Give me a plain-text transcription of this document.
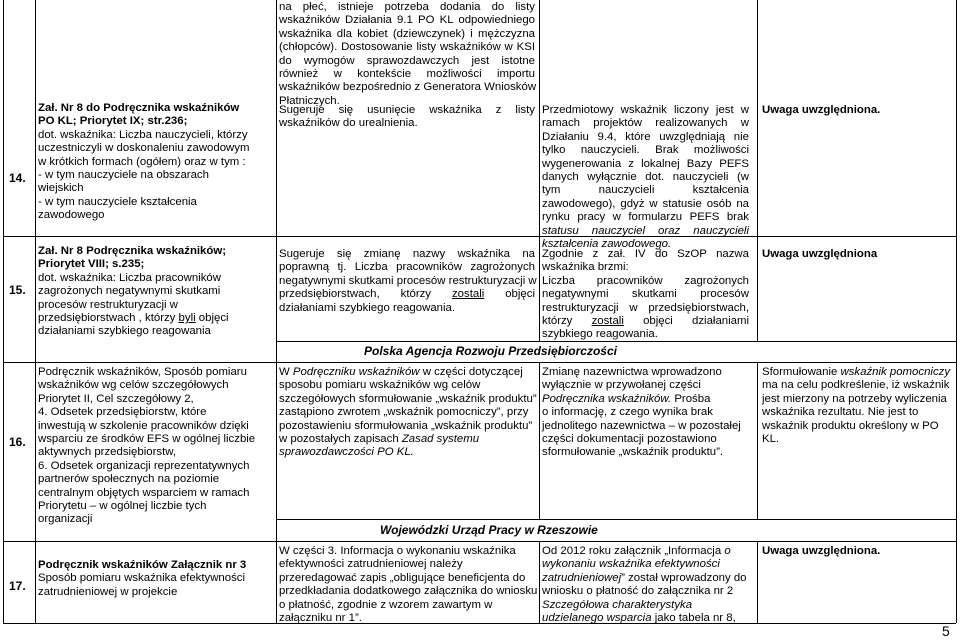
14.
Zał. Nr 8 do Podręcznika wskaźników
PO KL; Priorytet IX; str.236;
dot. wskaźnika: Liczba nauczycieli, którzy
uczestniczyli w doskonaleniu zawodowym
w krótkich formach (ogółem) oraz w tym :
- w tym nauczyciele na obszarach
wiejskich
- w tym nauczyciele kształcenia
zawodowego
na płeć, istnieje potrzeba dodania do listy
wskaźników Działania 9.1 PO KL odpowiedniego
wskaźnika dla kobiet (dziewczynek) i mężczyzna
(chłopców). Dostosowanie listy wskaźników w KSI
do wymogów sprawozdawczych jest istotne
również w kontekście możliwości importu
wskaźników bezpośrednio z Generatora Wniosków
Płatniczych.
Sugeruje się usunięcie wskaźnika z listy
wskaźników do urealnienia.
Przedmiotowy wskaźnik liczony jest w
ramach projektów realizowanych w
Działaniu 9.4, które uwzględniają nie
tylko nauczycieli. Brak możliwości
wygenerowania z lokalnej Bazy PEFS
danych wyłącznie dot. nauczycieli (w
tym nauczycieli kształcenia
zawodowego), gdyż w statusie osób na
rynku pracy w formularzu PEFS brak
statusu nauczyciel oraz nauczycieli
kształcenia zawodowego.
Uwaga uwzględniona.
15.
Zał. Nr 8 Podręcznika wskaźników;
Priorytet VIII; s.235;
dot. wskaźnika: Liczba pracowników
zagrożonych negatywnymi skutkami
procesów restrukturyzacji w
przedsiębiorstwach , którzy byli objęci
działaniami szybkiego reagowania
Sugeruje się zmianę nazwy wskaźnika na
poprawną tj. Liczba pracowników zagrożonych
negatywnymi skutkami procesów restrukturyzacji w
przedsiębiorstwach, którzy zostali objęci
działaniami szybkiego reagowania.
Zgodnie z zał. IV do SzOP nazwa
wskaźnika brzmi:
Liczba pracowników zagrożonych
negatywnymi skutkami procesów
restrukturyzacji w przedsiębiorstwach,
którzy zostali objęci działaniami
szybkiego reagowania.
Uwaga uwzględniona
Polska Agencja Rozwoju Przedsiębiorczości
16.
Podręcznik wskaźników, Sposób pomiaru
wskaźników wg celów szczegółowych
Priorytet II, Cel szczegółowy 2,
4. Odsetek przedsiębiorstw, które
inwestują w szkolenie pracowników dzięki
wsparciu ze środków EFS w ogólnej liczbie
aktywnych przedsiębiorstw,
6. Odsetek organizacji reprezentatywnych
partnerów społecznych na poziomie
centralnym objętych wsparciem w ramach
Priorytetu – w ogólnej liczbie tych
organizacji
W Podręczniku wskaźników w części dotyczącej
sposobu pomiaru wskaźników wg celów
szczegółowych sformułowanie „wskaźnik produktu”
zastąpiono zwrotem „wskaźnik pomocniczy”, przy
pozostawieniu sformułowania „wskaźnik produktu”
w pozostałych zapisach Zasad systemu
sprawozdawczości PO KL.
Zmianę nazewnictwa wprowadzono
wyłącznie w przywołanej części
Podręcznika wskaźników. Prośba
o informację, z czego wynika brak
jednolitego nazewnictwa – w pozostałej
części dokumentacji pozostawiono
sformułowanie „wskaźnik produktu”.
Sformułowanie wskaźnik pomocniczy
ma na celu podkreślenie, iż wskaźnik
jest mierzony na potrzeby wyliczenia
wskaźnika rezultatu. Nie jest to
wskaźnik produktu określony w PO
KL.
Wojewódzki Urząd Pracy w Rzeszowie
17.
Podręcznik wskaźników Załącznik nr 3
Sposób pomiaru wskaźnika efektywności
zatrudnieniowej w projekcie
W części 3. Informacja o wykonaniu wskaźnika
efektywności zatrudnieniowej należy
przeredagować zapis „obligujące beneficjenta do
przedkładania dodatkowego załącznika do wniosku
o płatność, zgodnie z wzorem zawartym w
załączniku nr 1”.
Od 2012 roku załącznik „Informacja o
wykonaniu wskaźnika efektywności
zatrudnieniowej” został wprowadzony do
wniosku o płatność do załącznika nr 2
Szczegółowa charakterystyka
udzielanego wsparcia jako tabela nr 8,
Uwaga uwzględniona.
5
